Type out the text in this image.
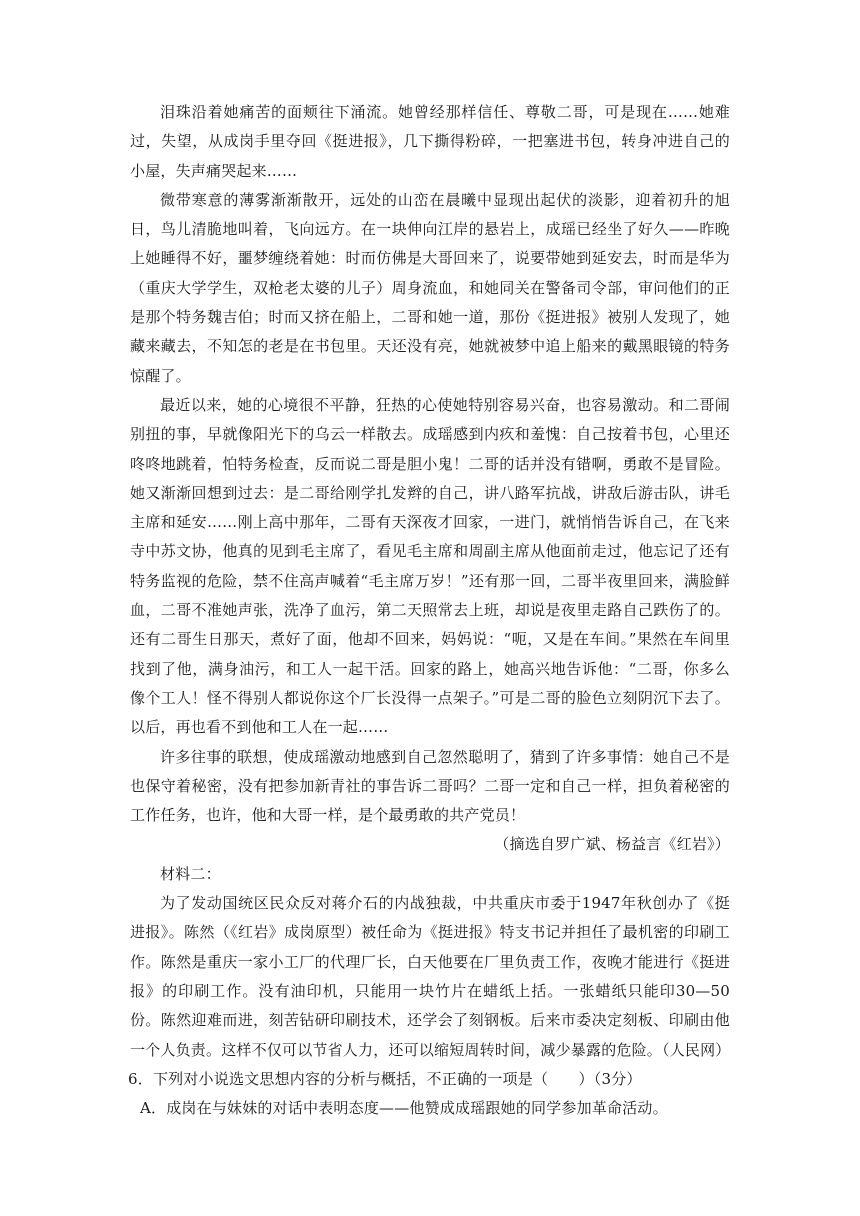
泪珠沿着她痛苦的面颊往下涌流。她曾经那样信任、尊敬二哥，可是现在……她难过，失望，从成岗手里夺回《挺进报》，几下撕得粉碎，一把塞进书包，转身冲进自己的小屋，失声痛哭起来……

微带寒意的薄雾渐渐散开，远处的山峦在晨曦中显现出起伏的淡影，迎着初升的旭日，鸟儿清脆地叫着，飞向远方。在一块伸向江岸的悬岩上，成瑶已经坐了好久——昨晚上她睡得不好，噩梦缠绕着她：时而仿佛是大哥回来了，说要带她到延安去，时而是华为（重庆大学学生，双枪老太婆的儿子）周身流血，和她同关在警备司令部，审问他们的正是那个特务魏吉伯；时而又挤在船上，二哥和她一道，那份《挺进报》被别人发现了，她藏来藏去，不知怎的老是在书包里。天还没有亮，她就被梦中追上船来的戴黑眼镜的特务惊醒了。

最近以来，她的心境很不平静，狂热的心使她特别容易兴奋，也容易激动。和二哥闹别扭的事，早就像阳光下的乌云一样散去。成瑶感到内疚和羞愧：自己按着书包，心里还咚咚地跳着，怕特务检查，反而说二哥是胆小鬼！二哥的话并没有错啊，勇敢不是冒险。她又渐渐回想到过去：是二哥给刚学扎发辫的自己，讲八路军抗战，讲敌后游击队，讲毛主席和延安……刚上高中那年，二哥有天深夜才回家，一进门，就悄悄告诉自己，在飞来寺中苏文协，他真的见到毛主席了，看见毛主席和周副主席从他面前走过，他忘记了还有特务监视的危险，禁不住高声喊着“毛主席万岁！”还有那一回，二哥半夜里回来，满脸鲜血，二哥不准她声张，洗净了血污，第二天照常去上班，却说是夜里走路自己跌伤了的。还有二哥生日那天，煮好了面，他却不回来，妈妈说：“呃，又是在车间。”果然在车间里找到了他，满身油污，和工人一起干活。回家的路上，她高兴地告诉他：“二哥，你多么像个工人！怪不得别人都说你这个厂长没得一点架子。”可是二哥的脸色立刻阴沉下去了。以后，再也看不到他和工人在一起……

许多往事的联想，使成瑶激动地感到自己忽然聪明了，猜到了许多事情：她自己不是也保守着秘密，没有把参加新青社的事告诉二哥吗？二哥一定和自己一样，担负着秘密的工作任务，也许，他和大哥一样，是个最勇敢的共产党员！

（摘选自罗广斌、杨益言《红岩》）

材料二：

为了发动国统区民众反对蒋介石的内战独裁，中共重庆市委于1947年秋创办了《挺进报》。陈然（《红岩》成岗原型）被任命为《挺进报》特支书记并担任了最机密的印刷工作。陈然是重庆一家小工厂的代理厂长，白天他要在厂里负责工作，夜晚才能进行《挺进报》的印刷工作。没有油印机，只能用一块竹片在蜡纸上括。一张蜡纸只能印30—50份。陈然迎难而进，刻苦钻研印刷技术，还学会了刻钢板。后来市委决定刻板、印刷由他一个人负责。这样不仅可以节省人力，还可以缩短周转时间，减少暴露的危险。（人民网）

6．下列对小说选文思想内容的分析与概括，不正确的一项是（　　）（3分）

A．成岗在与妹妹的对话中表明态度——他赞成成瑶跟她的同学参加革命活动。
